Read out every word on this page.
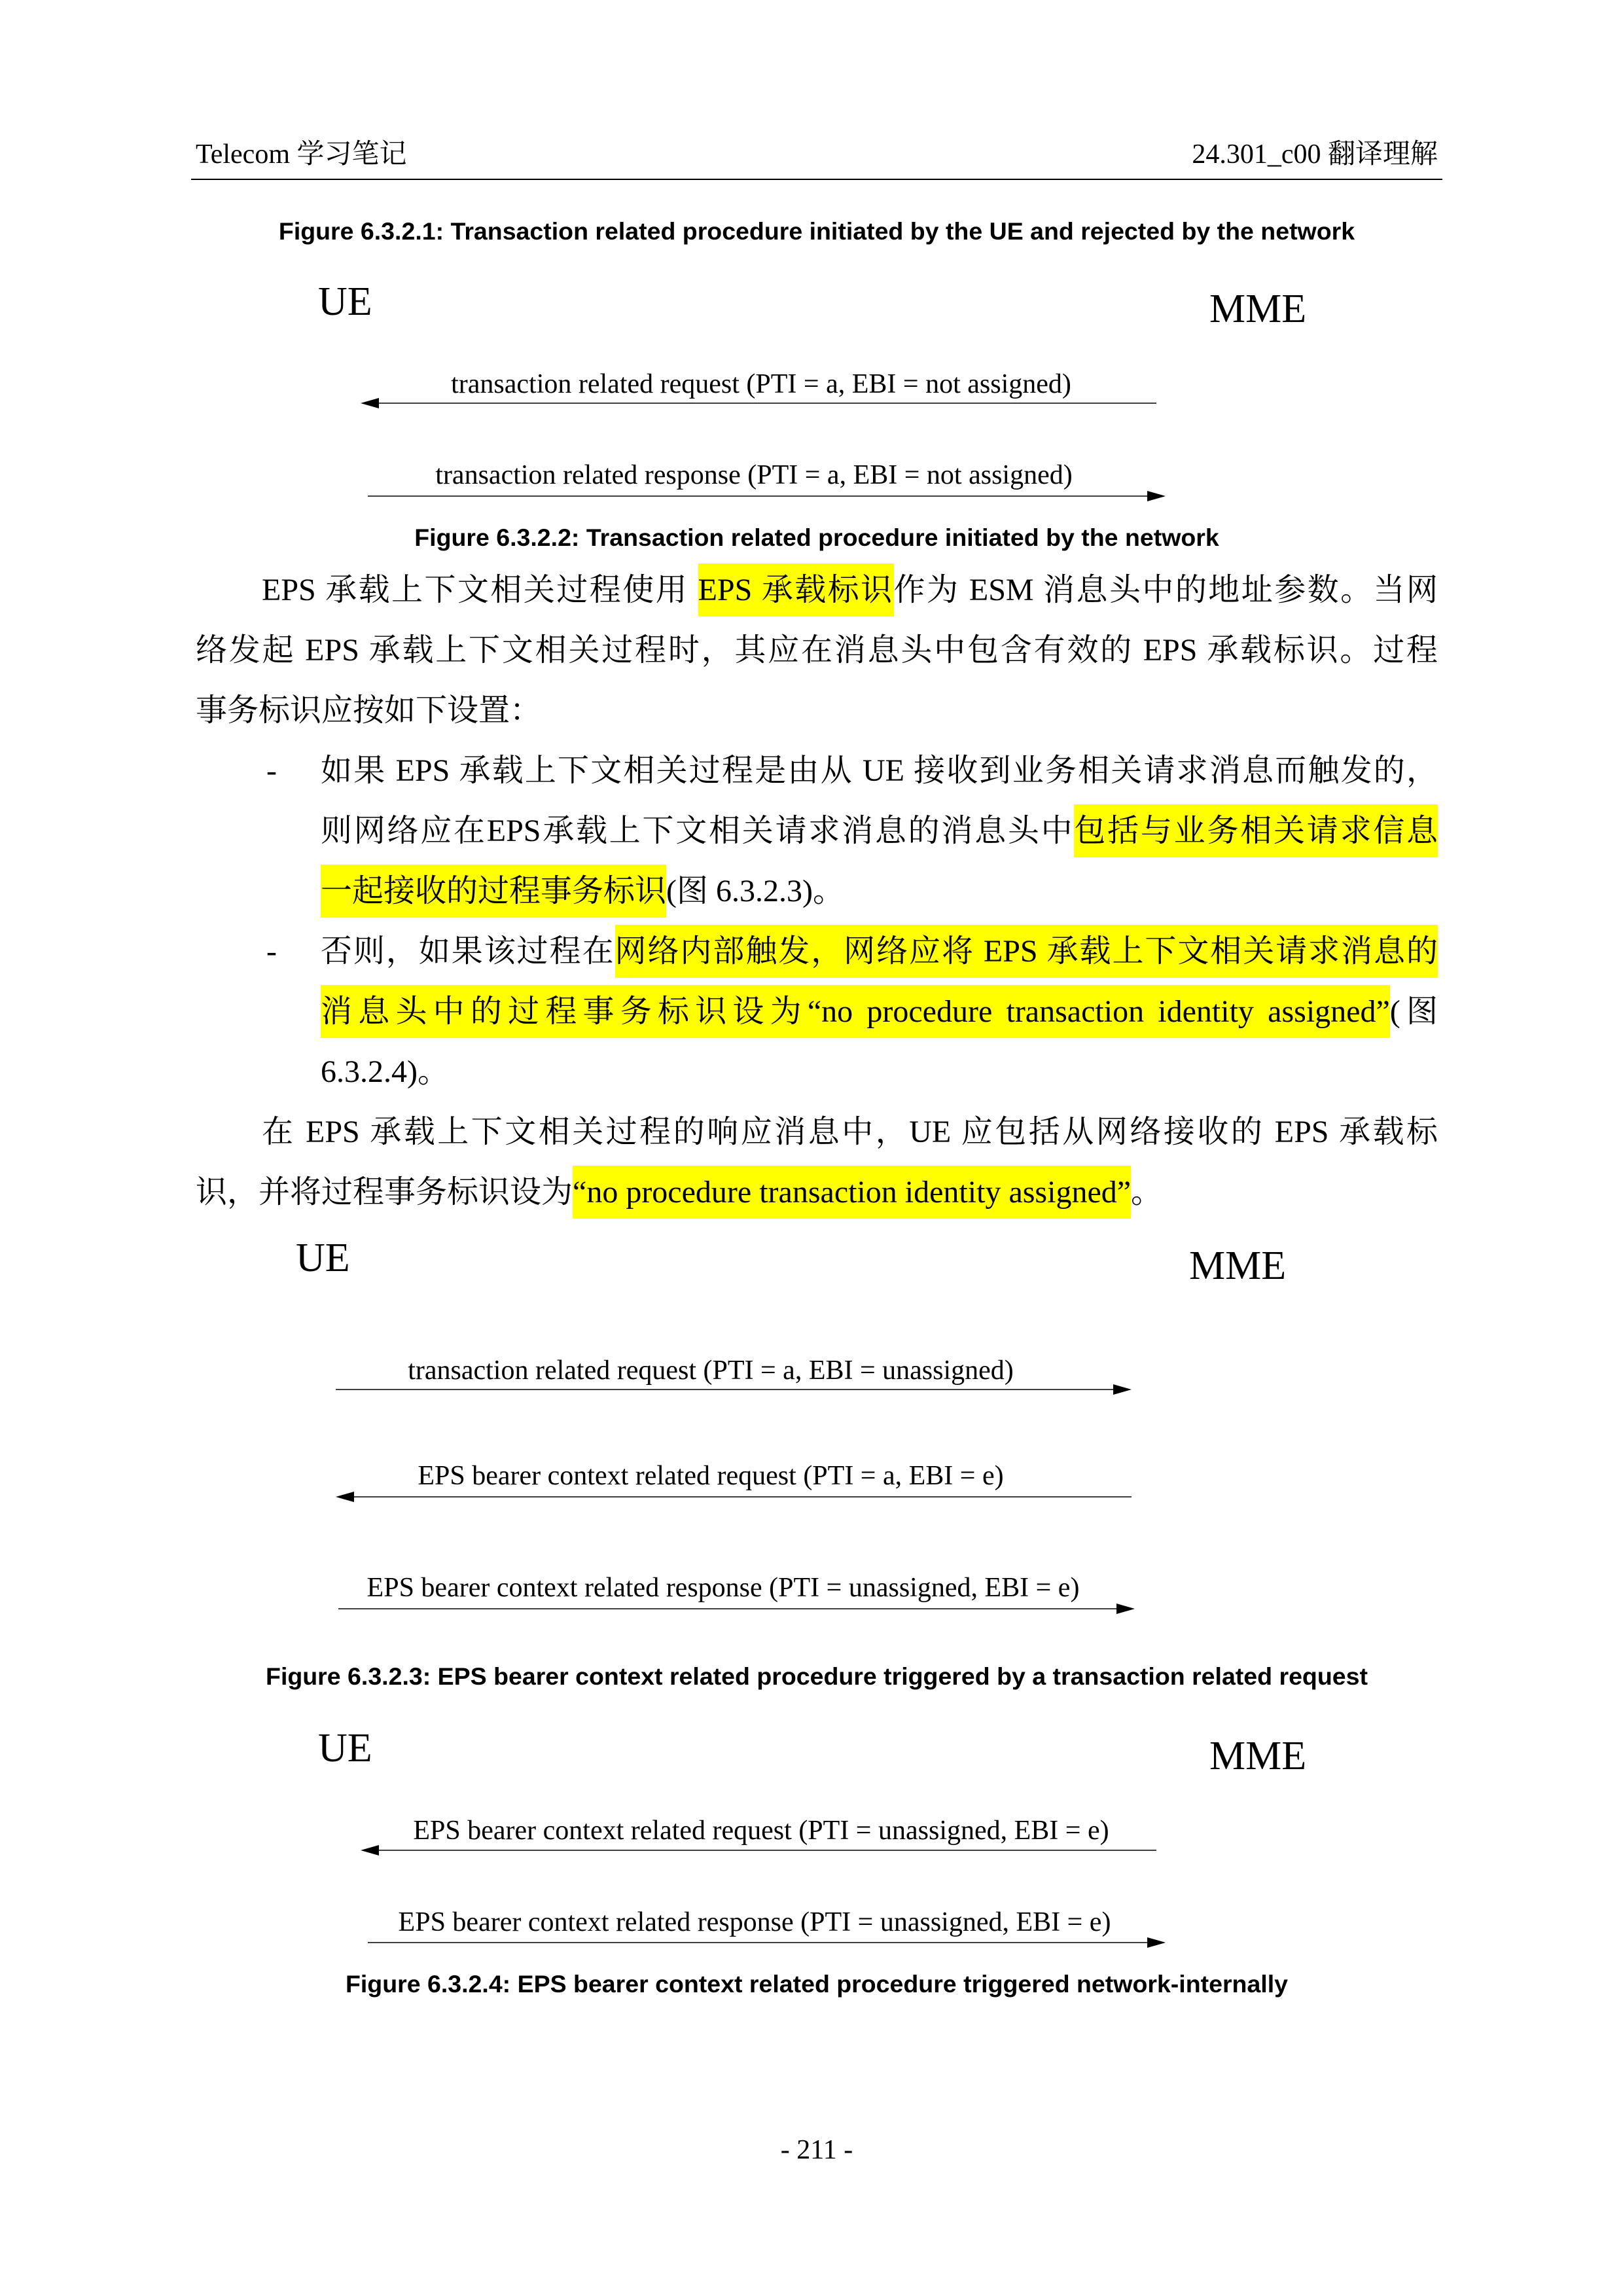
Telecom 学习笔记	24.301_c00 翻译理解
Figure 6.3.2.1: Transaction related procedure initiated by the UE and rejected by the network
UE	MME
transaction related request (PTI = a, EBI = not assigned)
transaction related response (PTI = a, EBI = not assigned)
Figure 6.3.2.2: Transaction related procedure initiated by the network
EPS 承载上下文相关过程使用 EPS 承载标识作为 ESM 消息头中的地址参数。当网
络发起 EPS 承载上下文相关过程时，其应在消息头中包含有效的 EPS 承载标识。过程
事务标识应按如下设置：
- 如果 EPS 承载上下文相关过程是由从 UE 接收到业务相关请求消息而触发的，
则网络应在EPS承载上下文相关请求消息的消息头中包括与业务相关请求信息
一起接收的过程事务标识(图 6.3.2.3)。
- 否则，如果该过程在网络内部触发，网络应将 EPS 承载上下文相关请求消息的
消息头中的过程事务标识设为“no procedure transaction identity assigned”(图
6.3.2.4)。
在 EPS 承载上下文相关过程的响应消息中，UE 应包括从网络接收的 EPS 承载标
识，并将过程事务标识设为“no procedure transaction identity assigned”。
UE	MME
transaction related request (PTI = a, EBI = unassigned)
EPS bearer context related request (PTI = a, EBI = e)
EPS bearer context related response (PTI = unassigned, EBI = e)
Figure 6.3.2.3: EPS bearer context related procedure triggered by a transaction related request
UE	MME
EPS bearer context related request (PTI = unassigned, EBI = e)
EPS bearer context related response (PTI = unassigned, EBI = e)
Figure 6.3.2.4: EPS bearer context related procedure triggered network-internally
- 211 -
